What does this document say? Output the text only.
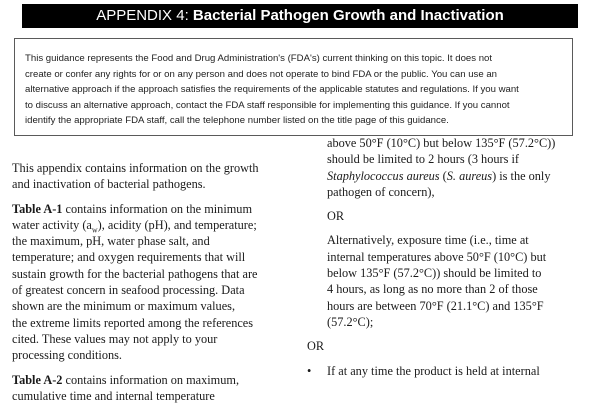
APPENDIX 4: Bacterial Pathogen Growth and Inactivation
This guidance represents the Food and Drug Administration's (FDA's) current thinking on this topic. It does not
create or confer any rights for or on any person and does not operate to bind FDA or the public. You can use an
alternative approach if the approach satisfies the requirements of the applicable statutes and regulations. If you want
to discuss an alternative approach, contact the FDA staff responsible for implementing this guidance. If you cannot
identify the appropriate FDA staff, call the telephone number listed on the title page of this guidance.
This appendix contains information on the growth
and inactivation of bacterial pathogens.
Table A-1 contains information on the minimum
water activity $(a_w)$, acidity (pH), and temperature;
the maximum, pH, water phase salt, and
temperature; and oxygen requirements that will
sustain growth for the bacterial pathogens that are
of greatest concern in seafood processing. Data
shown are the minimum or maximum values,
the extreme limits reported among the references
cited. These values may not apply to your
processing conditions.
Table A-2 contains information on maximum,
cumulative time and internal temperature
above 50°F (10°C) but below 135°F (57.2°C))
should be limited to 2 hours (3 hours if
Staphylococcus aureus (S. aureus) is the only
pathogen of concern),
OR
Alternatively, exposure time (i.e., time at
internal temperatures above 50°F (10°C) but
below 135°F (57.2°C)) should be limited to
4 hours, as long as no more than 2 of those
hours are between 70°F (21.1°C) and 135°F
(57.2°C);
OR
• If at any time the product is held at internal
